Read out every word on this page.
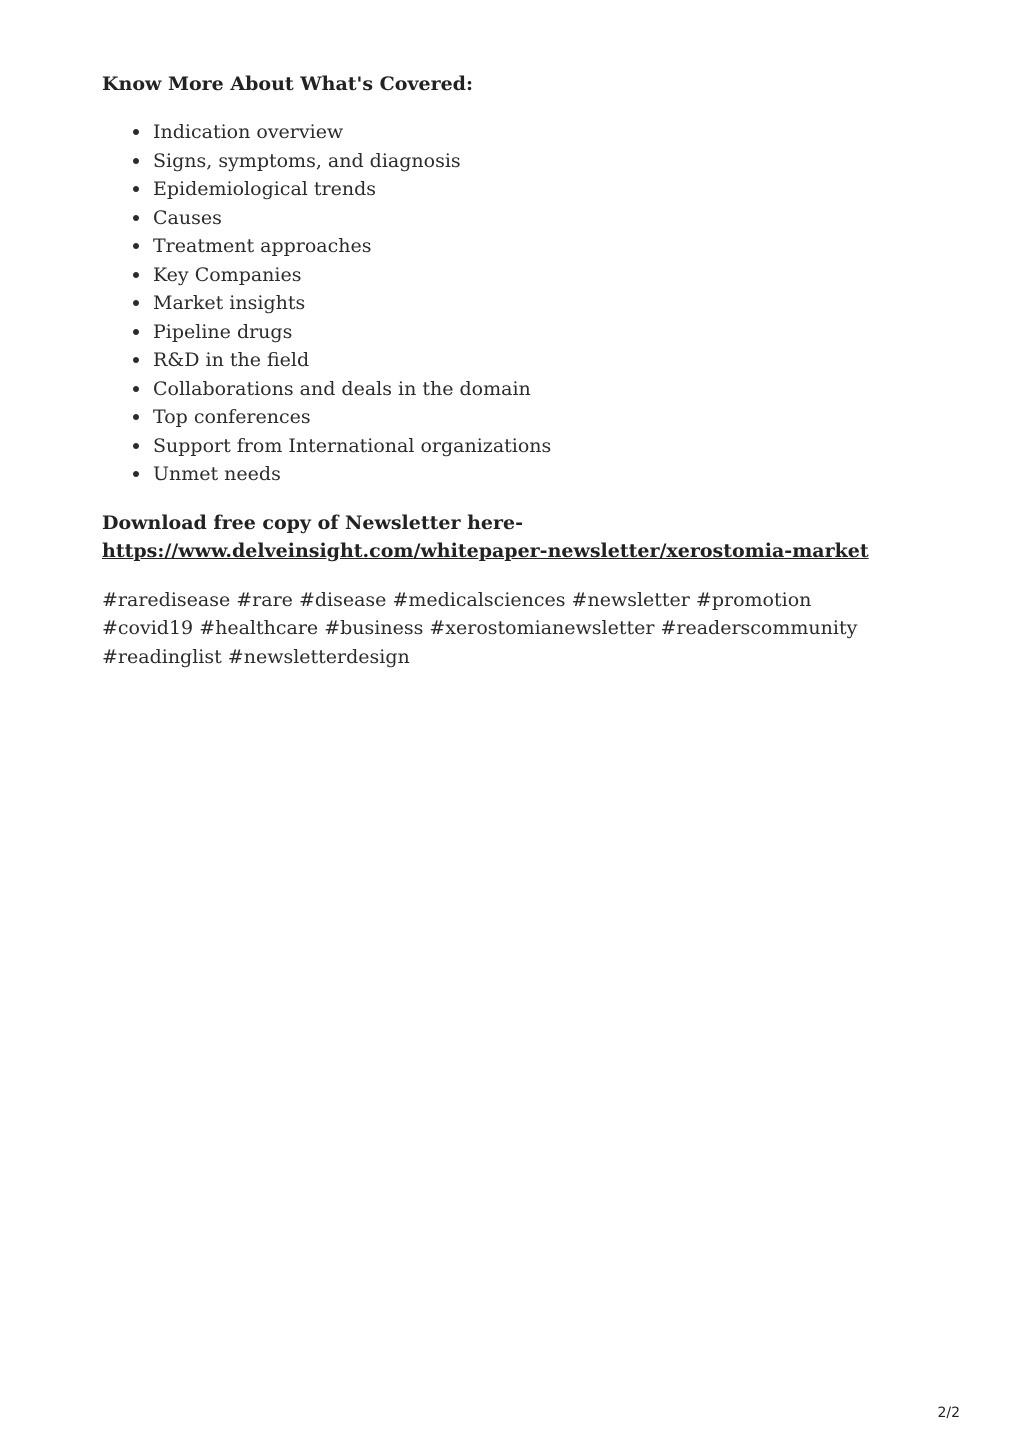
Know More About What's Covered:

Indication overview
Signs, symptoms, and diagnosis
Epidemiological trends
Causes
Treatment approaches
Key Companies
Market insights
Pipeline drugs
R&D in the field
Collaborations and deals in the domain
Top conferences
Support from International organizations
Unmet needs

Download free copy of Newsletter here-
https://www.delveinsight.com/whitepaper-newsletter/xerostomia-market

#raredisease #rare #disease #medicalsciences #newsletter #promotion #covid19 #healthcare #business #xerostomianewsletter #readerscommunity #readinglist #newsletterdesign

2/2
